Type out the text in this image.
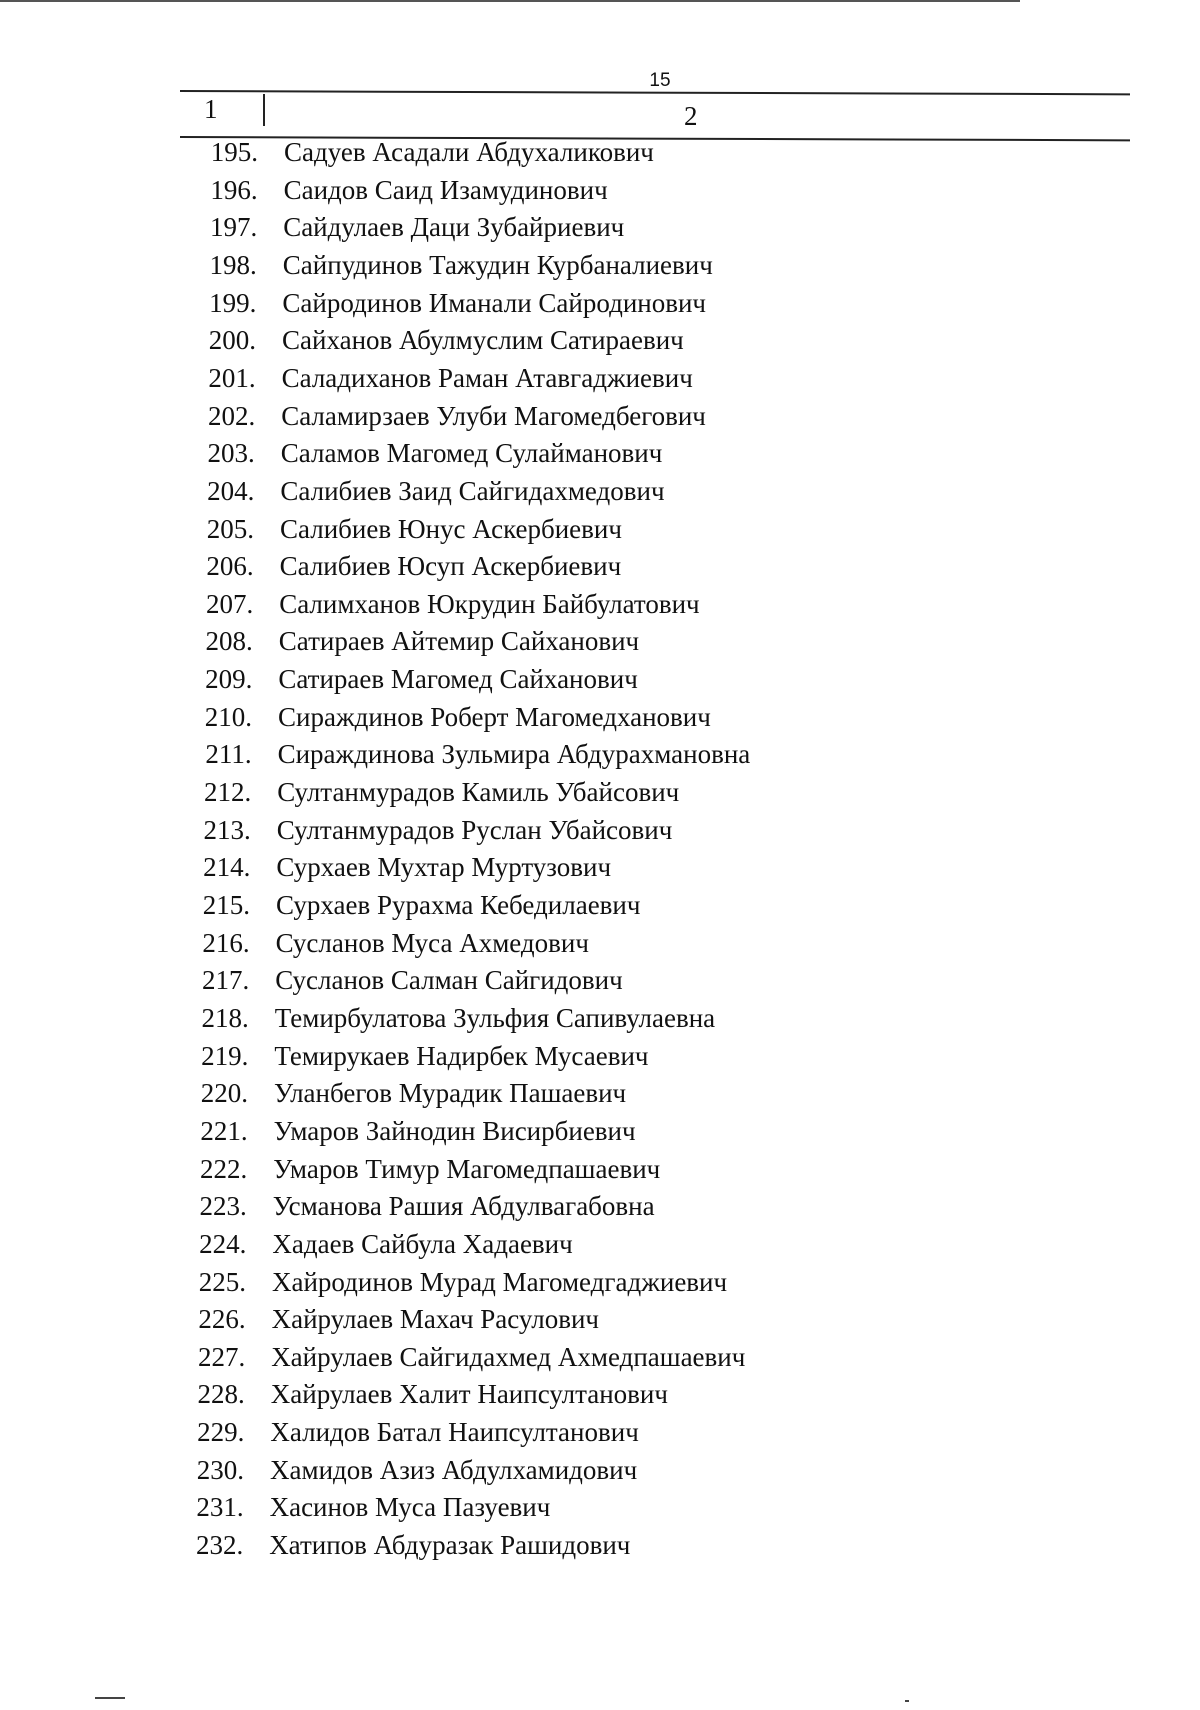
15
1	2
195. Садуев Асадали Абдухаликович
196. Саидов Саид Изамудинович
197. Сайдулаев Даци Зубайриевич
198. Сайпудинов Тажудин Курбаналиевич
199. Сайродинов Иманали Сайродинович
200. Сайханов Абулмуслим Сатираевич
201. Саладиханов Раман Атавгаджиевич
202. Саламирзаев Улуби Магомедбегович
203. Саламов Магомед Сулайманович
204. Салибиев Заид Сайгидахмедович
205. Салибиев Юнус Аскербиевич
206. Салибиев Юсуп Аскербиевич
207. Салимханов Юкрудин Байбулатович
208. Сатираев Айтемир Сайханович
209. Сатираев Магомед Сайханович
210. Сираждинов Роберт Магомедханович
211. Сираждинова Зульмира Абдурахмановна
212. Султанмурадов Камиль Убайсович
213. Султанмурадов Руслан Убайсович
214. Сурхаев Мухтар Муртузович
215. Сурхаев Рурахма Кебедилаевич
216. Сусланов Муса Ахмедович
217. Сусланов Салман Сайгидович
218. Темирбулатова Зульфия Сапивулаевна
219. Темирукаев Надирбек Мусаевич
220. Уланбегов Мурадик Пашаевич
221. Умаров Зайнодин Висирбиевич
222. Умаров Тимур Магомедпашаевич
223. Усманова Рашия Абдулвагабовна
224. Хадаев Сайбула Хадаевич
225. Хайродинов Мурад Магомедгаджиевич
226. Хайрулаев Махач Расулович
227. Хайрулаев Сайгидахмед Ахмедпашаевич
228. Хайрулаев Халит Наипсултанович
229. Халидов Батал Наипсултанович
230. Хамидов Азиз Абдулхамидович
231. Хасинов Муса Пазуевич
232. Хатипов Абдуразак Рашидович
